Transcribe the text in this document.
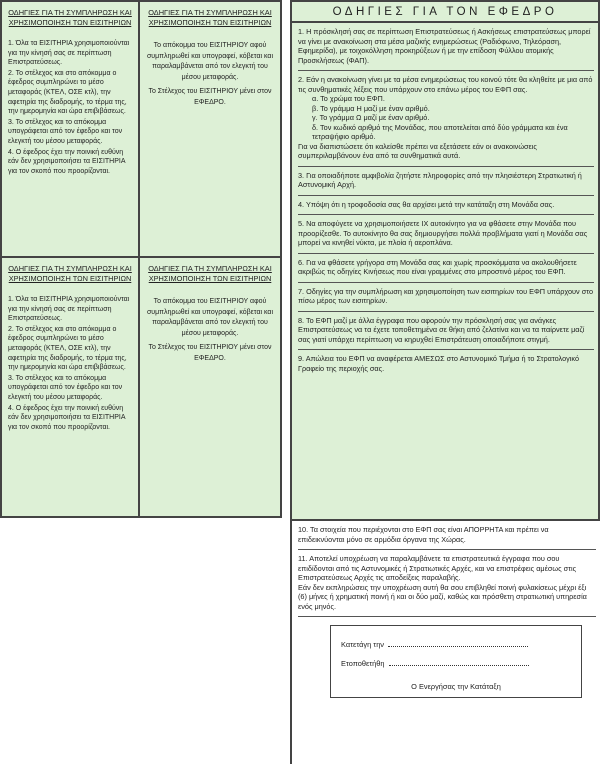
ΟΔΗΓΙΕΣ ΓΙΑ ΤΗ ΣΥΜΠΛΗΡΩΣΗ ΚΑΙ ΧΡΗΣΙΜΟΠΟΙΗΣΗ ΤΩΝ ΕΙΣΙΤΗΡΙΩΝ

1. Όλα τα ΕΙΣΙΤΗΡΙΑ χρησιμοποιούνται για την κίνησή σας σε περίπτωση Επιστρατεύσεως.

2. Το στέλεχος και στο απόκομμα ο έφεδρος συμπληρώνει το μέσο μεταφοράς (ΚΤΕΛ, ΟΣΕ κτλ), την αφετηρία της διαδρομής, το τέρμα της, την ημερομηνία και ώρα επιβιβάσεως.

3. Το στέλεχος και το απόκομμα υπογράφεται από τον έφεδρο και τον ελεγκτή του μέσου μεταφοράς.

4. Ο έφεδρος έχει την ποινική ευθύνη εάν δεν χρησιμοποιήσει τα ΕΙΣΙΤΗΡΙΑ για τον σκοπό που προορίζονται.

ΟΔΗΓΙΕΣ ΓΙΑ ΤΗ ΣΥΜΠΛΗΡΩΣΗ ΚΑΙ ΧΡΗΣΙΜΟΠΟΙΗΣΗ ΤΩΝ ΕΙΣΙΤΗΡΙΩΝ

Το απόκομμα του ΕΙΣΙΤΗΡΙΟΥ αφού συμπληρωθεί και υπογραφεί, κόβεται και παραλαμβάνεται από τον ελεγκτή του μέσου μεταφοράς.

Το Στέλεχος του ΕΙΣΙΤΗΡΙΟΥ μένει στον ΕΦΕΔΡΟ.

ΟΔΗΓΙΕΣ ΓΙΑ ΤΗ ΣΥΜΠΛΗΡΩΣΗ ΚΑΙ ΧΡΗΣΙΜΟΠΟΙΗΣΗ ΤΩΝ ΕΙΣΙΤΗΡΙΩΝ

1. Όλα τα ΕΙΣΙΤΗΡΙΑ χρησιμοποιούνται για την κίνησή σας σε περίπτωση Επιστρατεύσεως.

2. Το στέλεχος και στο απόκομμα ο έφεδρος συμπληρώνει το μέσο μεταφοράς (ΚΤΕΛ, ΟΣΕ κτλ), την αφετηρία της διαδρομής, το τέρμα της, την ημερομηνία και ώρα επιβιβάσεως.

3. Το στέλεχος και το απόκομμα υπογράφεται από τον έφεδρο και τον ελεγκτή του μέσου μεταφοράς.

4. Ο έφεδρος έχει την ποινική ευθύνη εάν δεν χρησιμοποιήσει τα ΕΙΣΙΤΗΡΙΑ για τον σκοπό που προορίζονται.

ΟΔΗΓΙΕΣ ΓΙΑ ΤΗ ΣΥΜΠΛΗΡΩΣΗ ΚΑΙ ΧΡΗΣΙΜΟΠΟΙΗΣΗ ΤΩΝ ΕΙΣΙΤΗΡΙΩΝ

Το απόκομμα του ΕΙΣΙΤΗΡΙΟΥ αφού συμπληρωθεί και υπογραφεί, κόβεται και παραλαμβάνεται από τον ελεγκτή του μέσου μεταφοράς.

Το Στέλεχος του ΕΙΣΙΤΗΡΙΟΥ μένει στον ΕΦΕΔΡΟ.

ΟΔΗΓΙΕΣ ΓΙΑ ΤΟΝ ΕΦΕΔΡΟ

1. Η πρόσκλησή σας σε περίπτωση Επιστρατεύσεως ή Ασκήσεως επιστρατεύσεως μπορεί να γίνει με ανακοίνωση στα μέσα μαζικής ενημερώσεως (Ραδιόφωνο, Τηλεόραση, Εφημερίδα), με τοιχοκόλληση προκηρύξεων ή με την επίδοση Φύλλου ατομικής Προσκλήσεως (ΦΑΠ).

2. Εάν η ανακοίνωση γίνει με τα μέσα ενημερώσεως του κοινού τότε θα κληθείτε με μια από τις συνθηματικές λέξεις που υπάρχουν στο επάνω μέρος του ΕΦΠ σας.

α. Το χρώμα του ΕΦΠ.

β. Το γράμμα Η μαζί με έναν αριθμό.

γ. Το γράμμα Ω μαζί με έναν αριθμό.

δ. Τον κωδικό αριθμό της Μονάδας, που αποτελείται από δύο γράμματα και ένα τετραψήφιο αριθμό.

Για να διαπιστώσετε ότι καλείσθε πρέπει να εξετάσετε εάν οι ανακοινώσεις συμπεριλαμβάνουν ένα από τα συνθηματικά αυτά.

3. Για οποιαδήποτε αμφιβολία ζητήστε πληροφορίες από την πλησιέστερη Στρατιωτική ή Αστυνομική Αρχή.

4. Υπόψη ότι η τροφοδοσία σας θα αρχίσει μετά την κατάταξη στη Μονάδα σας.

5. Να αποφύγετε να χρησιμοποιήσετε ΙΧ αυτοκίνητο για να φθάσετε στην Μονάδα που προορίζεσθε. Το αυτοκίνητο θα σας δημιουργήσει πολλά προβλήματα γιατί η Μονάδα σας μπορεί να κινηθεί νύκτα, με πλοία ή αεροπλάνα.

6. Για να φθάσετε γρήγορα στη Μονάδα σας και χωρίς προσκόμματα να ακολουθήσετε ακριβώς τις οδηγίες Κινήσεως που είναι γραμμένες στο μπροστινό μέρος του ΕΦΠ.

7. Οδηγίες για την συμπλήρωση και χρησιμοποίηση των εισιτηρίων του ΕΦΠ υπάρχουν στο πίσω μέρος των εισιτηρίων.

8. Το ΕΦΠ μαζί με άλλα έγγραφα που αφορούν την πρόσκλησή σας για ανάγκες Επιστρατεύσεως να τα έχετε τοποθετημένα σε θήκη από ζελατίνα και να τα παίρνετε μαζί σας γιατί υπάρχει περίπτωση να κηρυχθεί Επιστράτευση οποιαδήποτε στιγμή.

9. Απώλεια του ΕΦΠ να αναφέρεται ΑΜΕΣΩΣ στο Αστυνομικό Τμήμα ή το Στρατολογικό Γραφείο της περιοχής σας.

10. Τα στοιχεία που περιέχονται στο ΕΦΠ σας είναι ΑΠΟΡΡΗΤΑ και πρέπει να επιδεικνύονται μόνο σε αρμόδια όργανα της Χώρας.

11. Αποτελεί υποχρέωση να παραλαμβάνετε τα επιστρατευτικά έγγραφα που σου επιδίδονται από τις Αστυνομικές ή Στρατιωτικές Αρχές, και να επιστρέφεις αμέσως στις Επιστρατεύσεως Αρχές τις αποδείξεις παραλαβής.

Εάν δεν εκπληρώσεις την υποχρέωση αυτή θα σου επιβληθεί ποινή φυλακίσεως μέχρι έξι (6) μήνες ή χρηματική ποινή ή και οι δύο μαζί, καθώς και πρόσθετη στρατιωτική υπηρεσία ενός μηνός.

Κατετάγη την
Ετοποθετήθη
Ο Ενεργήσας την Κατάταξη
